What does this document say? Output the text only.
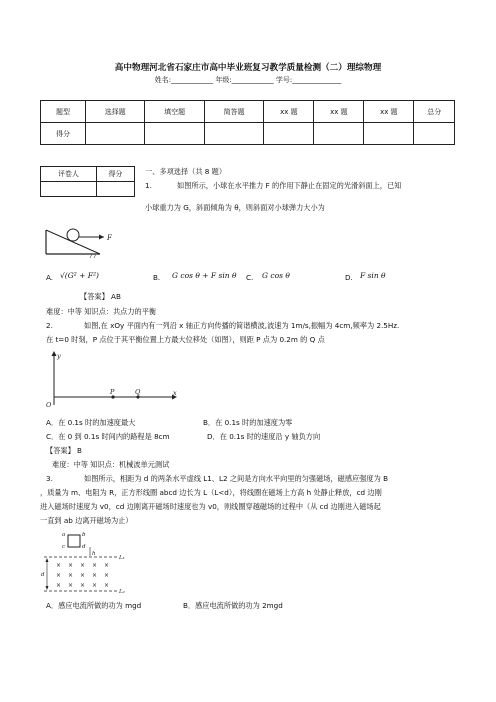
高中物理河北省石家庄市高中毕业班复习教学质量检测（二）理综物理
姓名:____________ 年级:____________ 学号:______________
题型	选择题	填空题	简答题	xx 题	xx 题	xx 题	总分
得分							
评卷人	得分
		一、多项选择（共 8 题）
1.	如图所示，小球在水平推力 F 的作用下静止在固定的光滑斜面上，已知
小球重力为 G，斜面倾角为 θ，则斜面对小球弹力大小为
F
A. √(G² + F²)	B. G cos θ + F sin θ C. G cos θ	D. F sin θ
【答案】 AB
难度：中等 知识点：共点力的平衡
2.	如图,在 xOy 平面内有一列沿 x 轴正方向传播的简谐横波,波速为 1m/s,振幅为 4cm,频率为 2.5Hz.
在 t=0 时刻，P 点位于其平衡位置上方最大位移处（如图），则距 P 点为 0.2m 的 Q 点
y
x
O
P	Q
A．在 0.1s 时的加速度最大	B．在 0.1s 时的加速度为零
C．在 0 到 0.1s 时间内的路程是 8cm	D．在 0.1s 时的速度沿 y 轴负方向
【答案】 B
难度：中等 知识点：机械波单元测试
3.	如图所示，相距为 d 的两条水平虚线 L1、L2 之间是方向水平向里的匀强磁场，磁感应强度为 B
，质量为 m、电阻为 R，正方形线圈 abcd 边长为 L（L<d），将线圈在磁场上方高 h 处静止释放，cd 边刚
进入磁场时速度为 v0，cd 边刚离开磁场时速度也为 v0，则线圈穿越磁场的过程中（从 cd 边刚进入磁场起
一直到 ab 边离开磁场为止）
a	b
c	d
h
L₁
L₂
d
× × × × ×
× × × × ×
× × × × ×
A．感应电流所做的功为 mgd	B．感应电流所做的功为 2mgd
